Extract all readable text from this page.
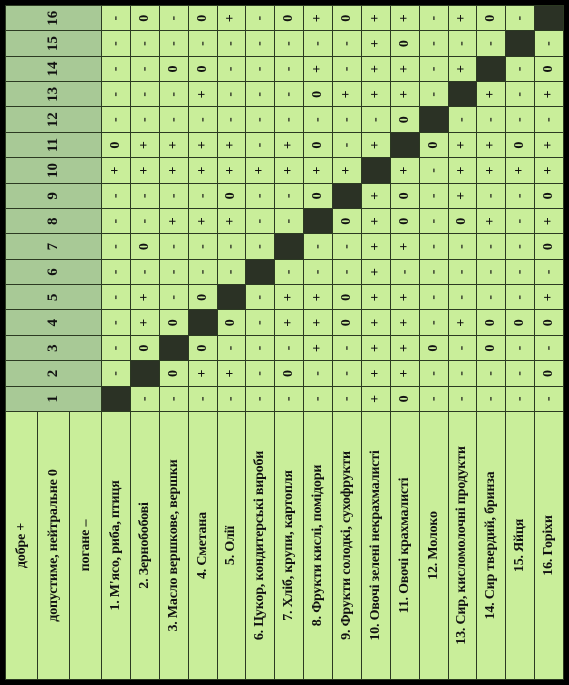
добре +	1	2	3	4	5	6	7	8	9	10	11	12	13	14	15	16
допустиме, нейтральне 0																
погане –																
1. М'ясо, риба, птиця		-	-	-	-	-	-	-	-	+	0	-	-	-	-	-
2. Зернобобові	-		0	+	+	-	0	-	-	+	+	-	-	-	-	0
3. Масло вершкове, вершки	-	0		0	-	-	-	+	-	+	+	-	-	0	-	-
4. Сметана	-	+	0		0	-	-	+	-	+	+	-	+	0	-	0
5. Олії	-	+	-	0		-	-	+	0	+	+	-	-	-	-	+
6. Цукор, кондитерські вироби	-	-	-	-	-		-	-	-	+	-	-	-	-	-	-
7. Хліб, крупи, картопля	-	0	-	+	+	-		-	-	+	+	-	-	-	-	0
8. Фрукти кислі, помідори	-	-	+	+	+	-	-		0	+	0	-	0	+	-	+
9. Фрукти солодкі, сухофрукти	-	-	-	0	0	-	-	0		+	-	-	+	-	-	0
10. Овочі зелені некрахмалисті	+	+	+	+	+	+	+	+	+		+	-	+	+	+	+
11. Овочі крахмалисті	0	+	+	+	+	-	+	0	0	+		0	+	+	0	+
12. Молоко	-	-	0	-	-	-	-	-	-	-	0		-	-	-	-
13. Сир, кисломолочні продукти	-	-	-	+	-	-	-	0	+	+	+	-		+	-	+
14. Сир твердий, бринза	-	-	0	0	-	-	-	+	-	+	+	-	+		-	0
15. Яйця	-	-	-	0	-	-	-	-	-	+	0	-	-	-		-
16. Горіхи	-	0	-	0	+	-	0	+	0	+	+	-	+	0	-	
